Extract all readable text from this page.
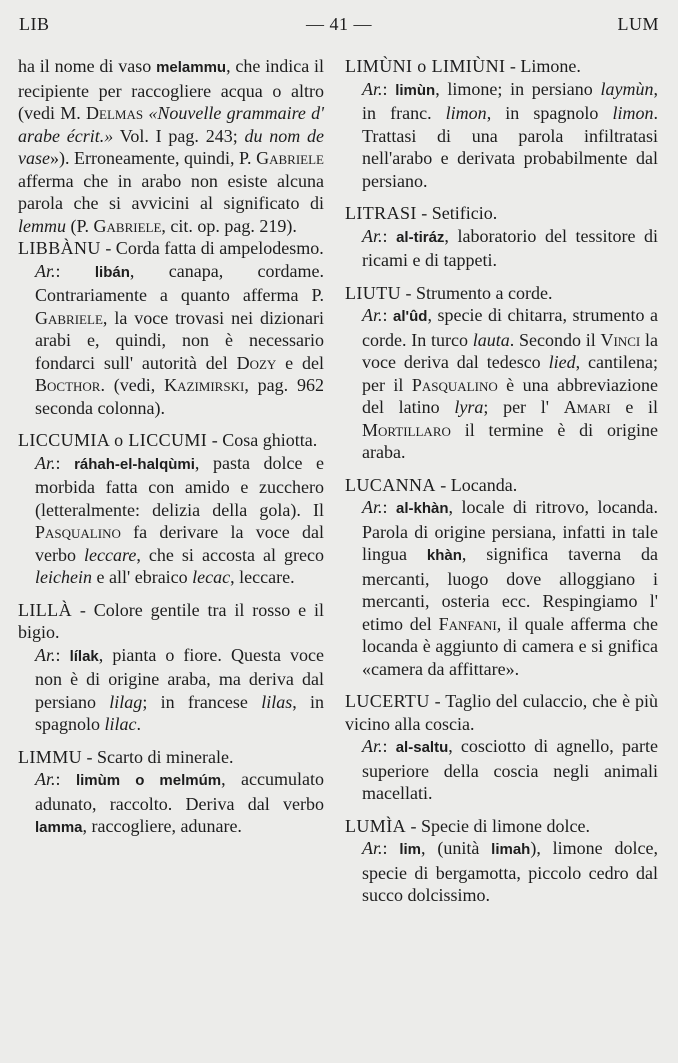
LIB	— 41 —	LUM

ha il nome di vaso melammu, che indica il recipiente per raccogliere acqua o altro (vedi M. Delmas «Nouvelle grammaire d' arabe écrit.» Vol. I pag. 243; du nom de vase»). Erroneamente, quindi, P. Gabriele afferma che in arabo non esiste alcuna parola che si avvicini al significato di lemmu (P. Gabriele, cit. op. pag. 219).

LIBBÀNU - Corda fatta di ampelodesmo.

Ar.: libán, canapa, cordame. Contrariamente a quanto afferma P. Gabriele, la voce trovasi nei dizionari arabi e, quindi, non è necessario fondarci sull' autorità del Dozy e del Bocthor. (vedi, Kazimirski, pag. 962 seconda colonna).

LICCUMIA o LICCUMI - Cosa ghiotta.

Ar.: ráhah-el-halqùmi, pasta dolce e morbida fatta con amido e zucchero (letteralmente: delizia della gola). Il Pasqualino fa derivare la voce dal verbo leccare, che si accosta al greco leichein e all' ebraico lecac, leccare.

LILLÀ - Colore gentile tra il rosso e il bigio.

Ar.: lílak, pianta o fiore. Questa voce non è di origine araba, ma deriva dal persiano lilag; in francese lilas, in spagnolo lilac.

LIMMU - Scarto di minerale.

Ar.: limùm o melmúm, accumulato adunato, raccolto. Deriva dal verbo lamma, raccogliere, adunare.

LIMÙNI o LIMIÙNI - Limone.

Ar.: limùn, limone; in persiano laymùn, in franc. limon, in spagnolo limon. Trattasi di una parola infiltratasi nell'arabo e derivata probabilmente dal persiano.

LITRASI - Setificio.

Ar.: al-tiráz, laboratorio del tessitore di ricami e di tappeti.

LIUTU - Strumento a corde.

Ar.: al'ûd, specie di chitarra, strumento a corde. In turco lauta. Secondo il Vinci la voce deriva dal tedesco lied, cantilena; per il Pasqualino è una abbreviazione del latino lyra; per l' Amari e il Mortillaro il termine è di origine araba.

LUCANNA - Locanda.

Ar.: al-khàn, locale di ritrovo, locanda. Parola di origine persiana, infatti in tale lingua khàn, significa taverna da mercanti, luogo dove alloggiano i mercanti, osteria ecc. Respingiamo l' etimo del Fanfani, il quale afferma che locanda è aggiunto di camera e si gnifica «camera da affittare».

LUCERTU - Taglio del culaccio, che è più vicino alla coscia.

Ar.: al-saltu, cosciotto di agnello, parte superiore della coscia negli animali macellati.

LUMÌA - Specie di limone dolce.

Ar.: lim, (unità limah), limone dolce, specie di bergamotta, piccolo cedro dal succo dolcissimo.
